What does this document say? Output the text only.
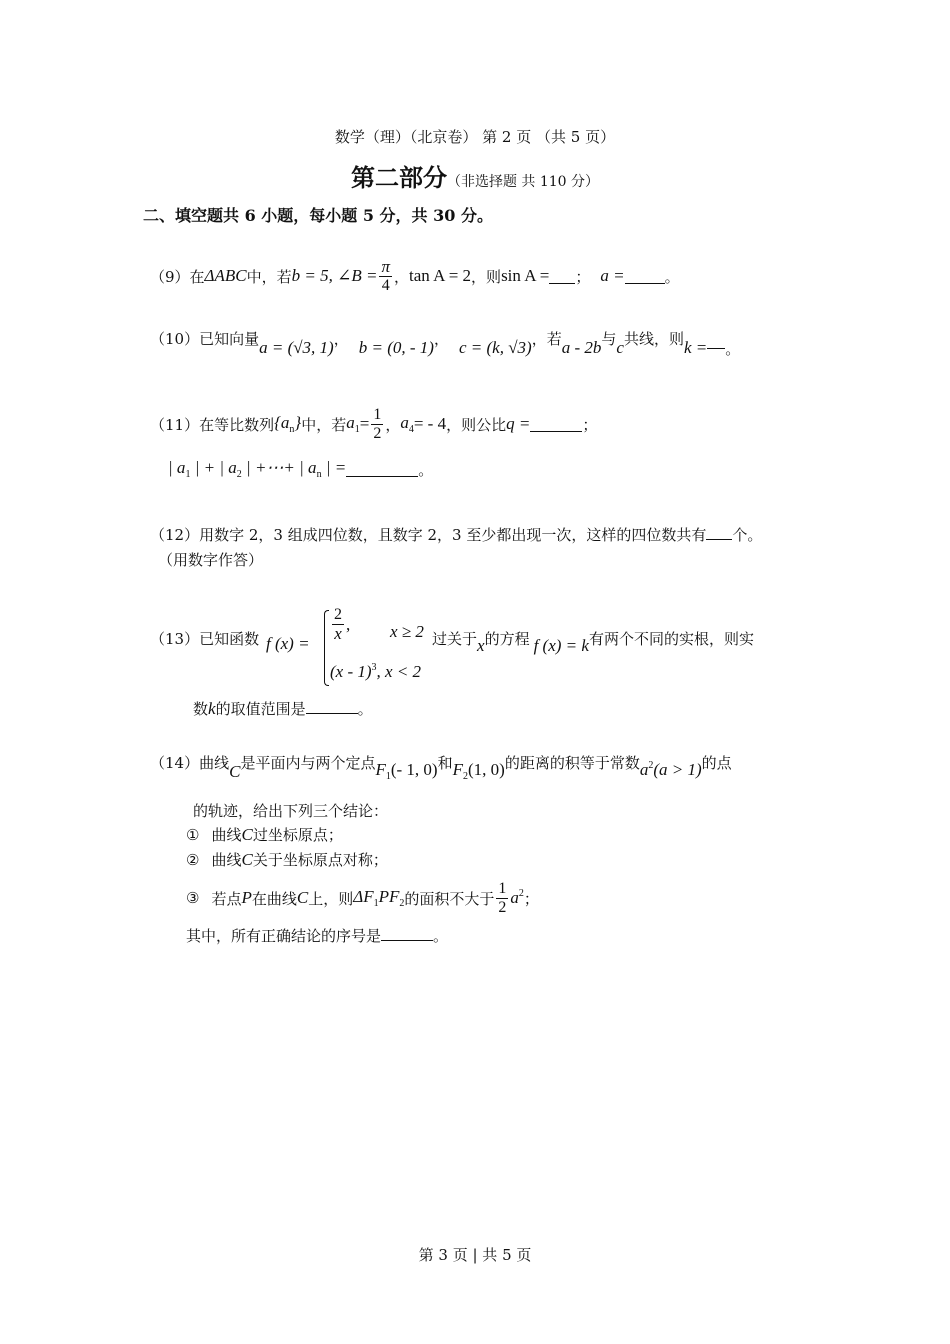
数学（理）（北京卷） 第 2 页 （共 5 页）
第二部分（非选择题 共 110 分）
二、填空题共 6 小题，每小题 5 分，共 30 分。
（9）在 ΔABC 中，若 b = 5, ∠B = $\frac{\pi}{4}$ ， tan A = 2 ，则 sin A = ； a =	。
（10）已知向量 a = (√3, 1) ， b = (0, - 1) ， c = (k, √3) ，若 a - 2b 与 c 共线，则 k = 。
（11）在等比数列 $\{a_n\}$ 中，若 $a_1 = \frac{1}{2}$ ， $a_4$ = - 4 ，则公比 q =	；
| $a_1$ | + | $a_2$ | +⋯+ | $a_n$ | =	。
（12）用数字 2，3 组成四位数，且数字 2，3 至少都出现一次，这样的四位数共有 个。
（用数字作答）
（13）已知函数 f (x) =
$\frac{2}{x}$ , x ≥ 2
(x - 1)$^3$, x < 2
过关于 x 的方程 f (x) = k 有两个不同的实根，则实
数 k 的取值范围是	。
（14）曲线 C 是平面内与两个定点 $F_1(-$ 1, 0) 和 $F_2(1$, 0) 的距离的积等于常数 $a^2(a > 1)$ 的点
的轨迹，给出下列三个结论：
① 曲线 C 过坐标原点；
② 曲线 C 关于坐标原点对称；
③ 若点 P 在曲线 C 上，则 $\Delta F_1PF_2$ 的面积不大于 $\frac{1}{2} a^2$ ；
其中，所有正确结论的序号是	。
第 3 页 | 共 5 页
